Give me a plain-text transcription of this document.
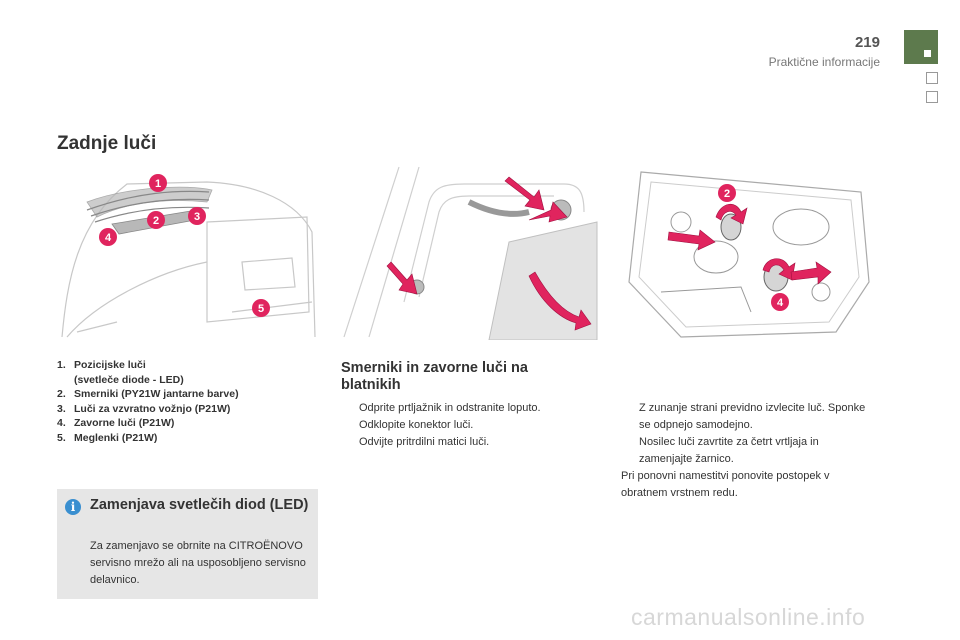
219
Praktične informacije
Zadnje luči
1
2	3
4
5
2
4
1. Pozicijske luči
(svetleče diode - LED)
2. Smerniki (PY21W jantarne barve)
3. Luči za vzvratno vožnjo (P21W)
4. Zavorne luči (P21W)
5. Meglenki (P21W)
Smerniki in zavorne luči na blatnikih
Odprite prtljažnik in odstranite loputo.
Odklopite konektor luči.
Odvijte pritrdilni matici luči.
Z zunanje strani previdno izvlecite luč. Sponke se odpnejo samodejno.
Nosilec luči zavrtite za četrt vrtljaja in zamenjajte žarnico.
Pri ponovni namestitvi ponovite postopek v obratnem vrstnem redu.
i	Zamenjava svetlečih diod (LED)
Za zamenjavo se obrnite na CITROËNOVO servisno mrežo ali na usposobljeno servisno delavnico.
carmanualsonline.info
